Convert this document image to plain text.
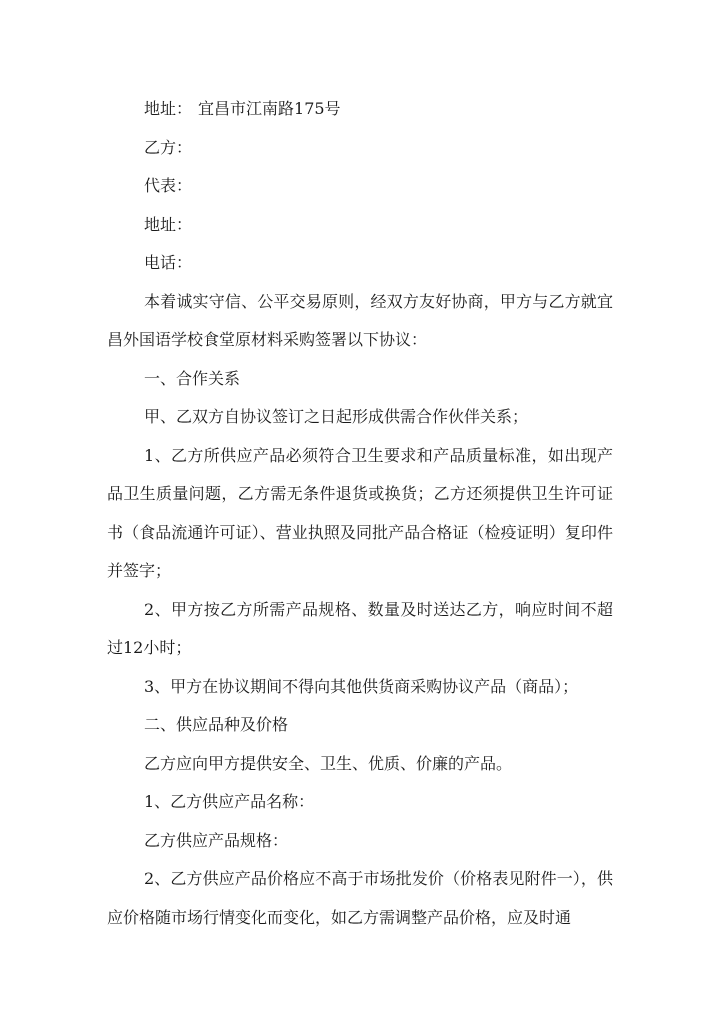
地址： 宜昌市江南路175号

乙方：

代表：

地址：

电话：

本着诚实守信、公平交易原则，经双方友好协商，甲方与乙方就宜昌外国语学校食堂原材料采购签署以下协议：

一、合作关系

甲、乙双方自协议签订之日起形成供需合作伙伴关系；

1、乙方所供应产品必须符合卫生要求和产品质量标准，如出现产品卫生质量问题，乙方需无条件退货或换货；乙方还须提供卫生许可证书（食品流通许可证）、营业执照及同批产品合格证（检疫证明）复印件并签字；

2、甲方按乙方所需产品规格、数量及时送达乙方，响应时间不超过12小时；

3、甲方在协议期间不得向其他供货商采购协议产品（商品）；

二、供应品种及价格

乙方应向甲方提供安全、卫生、优质、价廉的产品。

1、乙方供应产品名称：

乙方供应产品规格：

2、乙方供应产品价格应不高于市场批发价（价格表见附件一），供应价格随市场行情变化而变化，如乙方需调整产品价格，应及时通
